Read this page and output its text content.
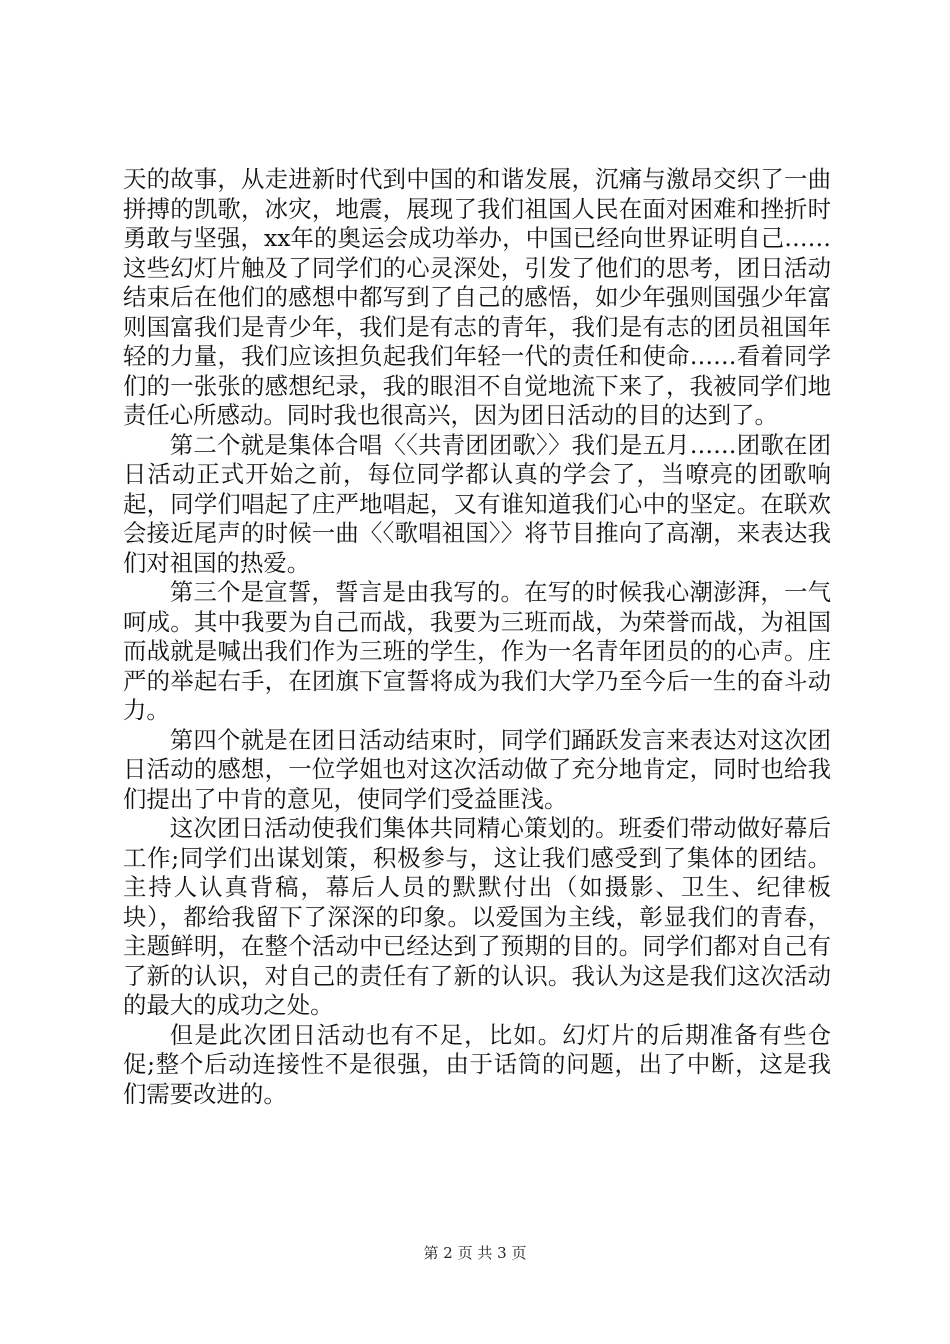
天的故事，从走进新时代到中国的和谐发展，沉痛与激昂交织了一曲拼搏的凯歌，冰灾，地震，展现了我们祖国人民在面对困难和挫折时勇敢与坚强，xx年的奥运会成功举办，中国已经向世界证明自己……这些幻灯片触及了同学们的心灵深处，引发了他们的思考，团日活动结束后在他们的感想中都写到了自己的感悟，如少年强则国强少年富则国富我们是青少年，我们是有志的青年，我们是有志的团员祖国年轻的力量，我们应该担负起我们年轻一代的责任和使命……看着同学们的一张张的感想纪录，我的眼泪不自觉地流下来了，我被同学们地责任心所感动。同时我也很高兴，因为团日活动的目的达到了。

第二个就是集体合唱〈〈共青团团歌〉〉我们是五月……团歌在团日活动正式开始之前，每位同学都认真的学会了，当嘹亮的团歌响起，同学们唱起了庄严地唱起，又有谁知道我们心中的坚定。在联欢会接近尾声的时候一曲〈〈歌唱祖国〉〉将节目推向了高潮，来表达我们对祖国的热爱。

第三个是宣誓，誓言是由我写的。在写的时候我心潮澎湃，一气呵成。其中我要为自己而战，我要为三班而战，为荣誉而战，为祖国而战就是喊出我们作为三班的学生，作为一名青年团员的的心声。庄严的举起右手，在团旗下宣誓将成为我们大学乃至今后一生的奋斗动力。

第四个就是在团日活动结束时，同学们踊跃发言来表达对这次团日活动的感想，一位学姐也对这次活动做了充分地肯定，同时也给我们提出了中肯的意见，使同学们受益匪浅。

这次团日活动使我们集体共同精心策划的。班委们带动做好幕后工作;同学们出谋划策，积极参与，这让我们感受到了集体的团结。主持人认真背稿，幕后人员的默默付出（如摄影、卫生、纪律板块），都给我留下了深深的印象。以爱国为主线，彰显我们的青春，主题鲜明，在整个活动中已经达到了预期的目的。同学们都对自己有了新的认识，对自己的责任有了新的认识。我认为这是我们这次活动的最大的成功之处。

但是此次团日活动也有不足，比如。幻灯片的后期准备有些仓促;整个后动连接性不是很强，由于话筒的问题，出了中断，这是我们需要改进的。

第 2 页 共 3 页
